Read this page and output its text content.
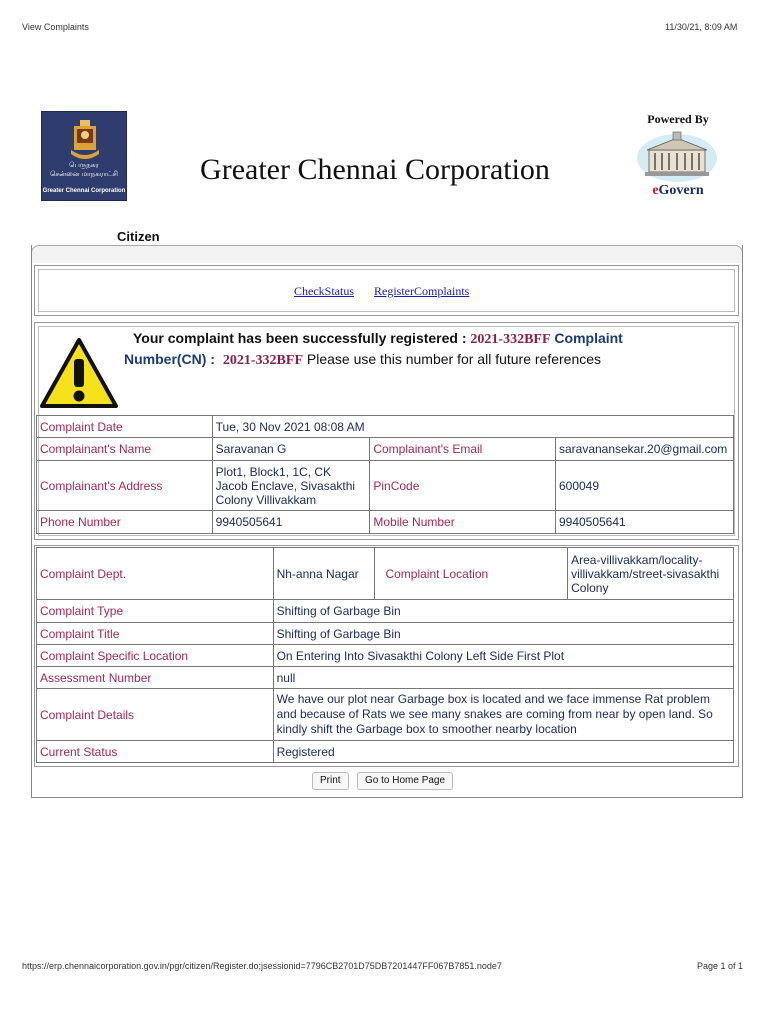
View Complaints	11/30/21, 8:09 AM
https://erp.chennaicorporation.gov.in/pgr/citizen/Register.do;jsessionid=7796CB2701D75DB7201447FF067B7851.node7	Page 1 of 1
பெருநகர
சென்னை மாநகராட்சி
Greater Chennai Corporation
Greater Chennai Corporation
Powered By
eGovern
Citizen
CheckStatus RegisterComplaints
Your complaint has been successfully registered : 2021-332BFF Complaint
Number(CN) : 2021-332BFF Please use this number for all future references
Complaint Date	Tue, 30 Nov 2021 08:08 AM		
Complainant's Name	Saravanan G	Complainant's Email	saravanansekar.20@gmail.com
Complainant's Address	Plot1, Block1, 1C, CK Jacob Enclave, Sivasakthi Colony Villivakkam	PinCode	600049
Phone Number	9940505641	Mobile Number	9940505641
Complaint Dept.	Nh-anna Nagar	Complaint Location	Area-villivakkam/locality-villivakkam/street-sivasakthi Colony
Complaint Type	Shifting of Garbage Bin		
Complaint Title	Shifting of Garbage Bin		
Complaint Specific Location	On Entering Into Sivasakthi Colony Left Side First Plot		
Assessment Number	null		
Complaint Details	We have our plot near Garbage box is located and we face immense Rat problem and because of Rats we see many snakes are coming from near by open land. So kindly shift the Garbage box to smoother nearby location		
Current Status	Registered		
Print	Go to Home Page
